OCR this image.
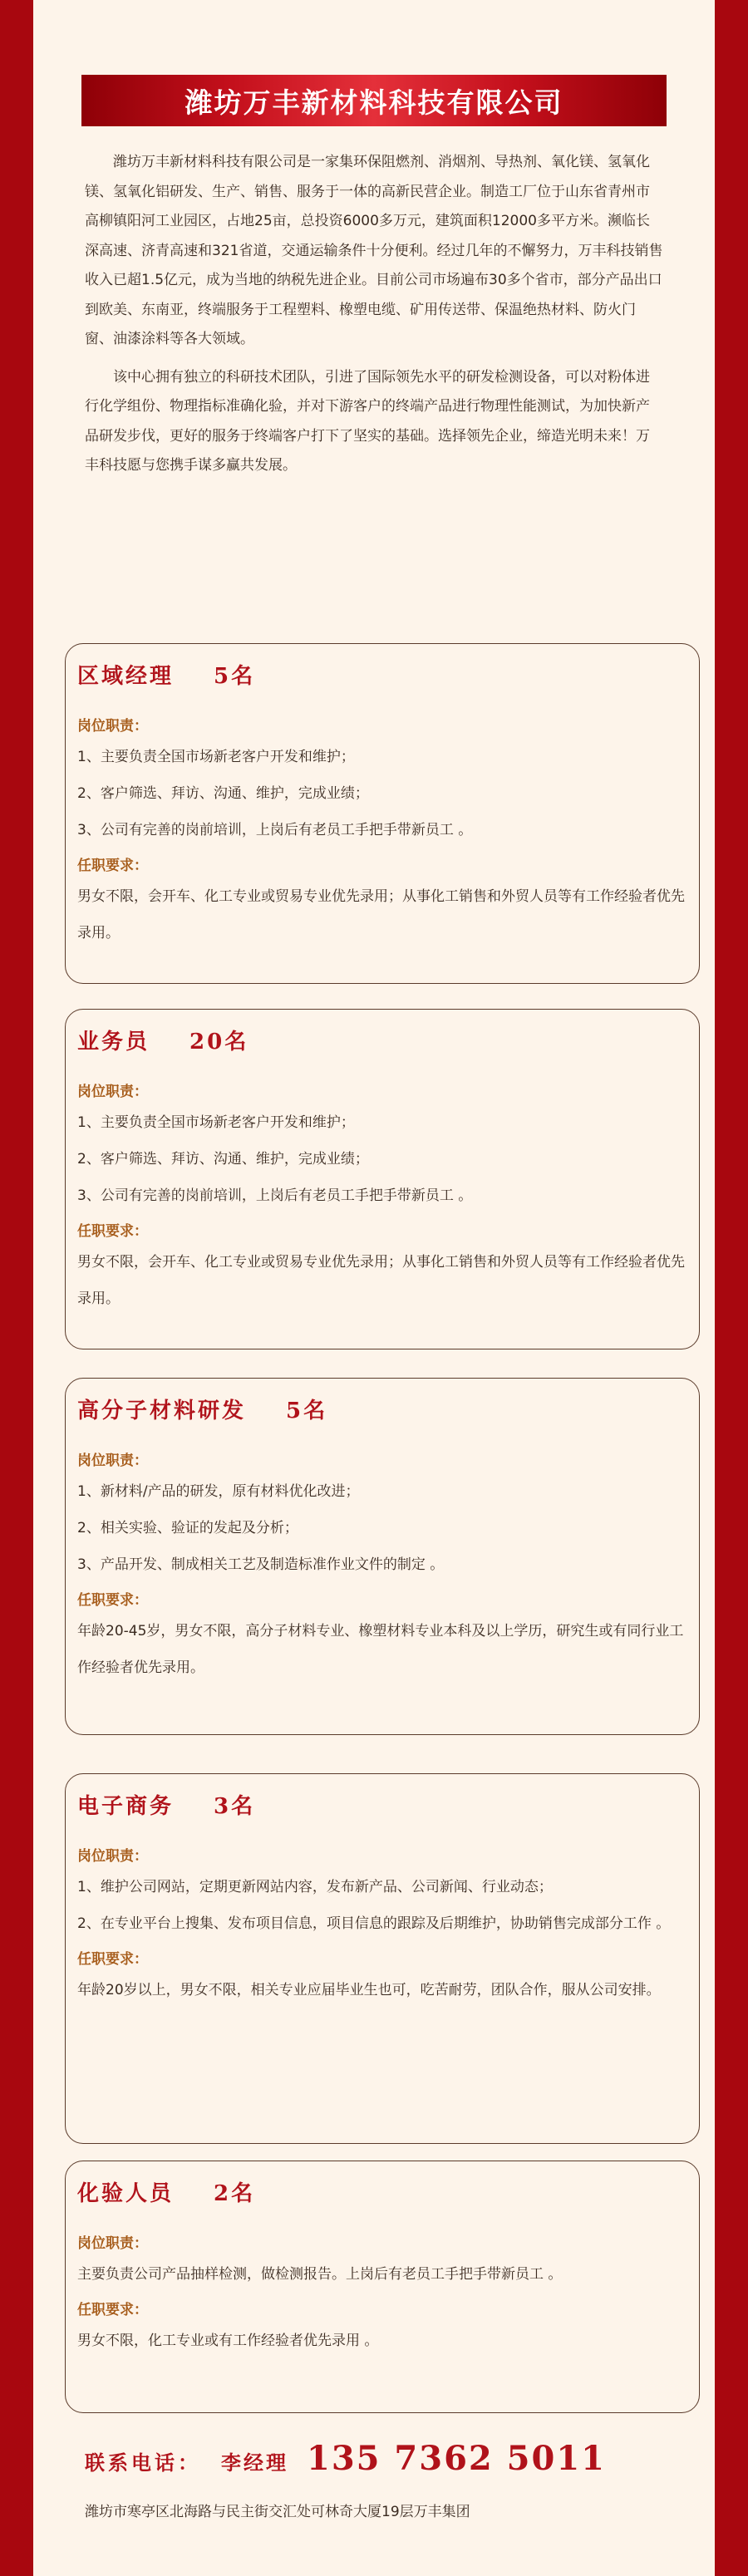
潍坊万丰新材料科技有限公司

潍坊万丰新材料科技有限公司是一家集环保阻燃剂、消烟剂、导热剂、氧化镁、氢氧化镁、氢氧化铝研发、生产、销售、服务于一体的高新民营企业。制造工厂位于山东省青州市高柳镇阳河工业园区，占地25亩，总投资6000多万元，建筑面积12000多平方米。濒临长深高速、济青高速和321省道，交通运输条件十分便利。经过几年的不懈努力，万丰科技销售收入已超1.5亿元，成为当地的纳税先进企业。目前公司市场遍布30多个省市，部分产品出口到欧美、东南亚，终端服务于工程塑料、橡塑电缆、矿用传送带、保温绝热材料、防火门窗、油漆涂料等各大领域。

该中心拥有独立的科研技术团队，引进了国际领先水平的研发检测设备，可以对粉体进行化学组份、物理指标准确化验，并对下游客户的终端产品进行物理性能测试，为加快新产品研发步伐，更好的服务于终端客户打下了坚实的基础。选择领先企业，缔造光明未来！万丰科技愿与您携手谋多赢共发展。

区域经理 5名
岗位职责：
1、主要负责全国市场新老客户开发和维护；
2、客户筛选、拜访、沟通、维护，完成业绩；
3、公司有完善的岗前培训，上岗后有老员工手把手带新员工 。
任职要求：
男女不限，会开车、化工专业或贸易专业优先录用；从事化工销售和外贸人员等有工作经验者优先录用。
业务员 20名
岗位职责：
1、主要负责全国市场新老客户开发和维护；
2、客户筛选、拜访、沟通、维护，完成业绩；
3、公司有完善的岗前培训，上岗后有老员工手把手带新员工 。
任职要求：
男女不限，会开车、化工专业或贸易专业优先录用；从事化工销售和外贸人员等有工作经验者优先录用。
高分子材料研发 5名
岗位职责：
1、新材料/产品的研发，原有材料优化改进；
2、相关实验、验证的发起及分析；
3、产品开发、制成相关工艺及制造标准作业文件的制定 。
任职要求：
年龄20-45岁，男女不限，高分子材料专业、橡塑材料专业本科及以上学历，研究生或有同行业工作经验者优先录用。
电子商务 3名
岗位职责：
1、维护公司网站，定期更新网站内容，发布新产品、公司新闻、行业动态；
2、在专业平台上搜集、发布项目信息，项目信息的跟踪及后期维护，协助销售完成部分工作 。
任职要求：
年龄20岁以上，男女不限，相关专业应届毕业生也可，吃苦耐劳，团队合作，服从公司安排。
化验人员 2名
岗位职责：
主要负责公司产品抽样检测，做检测报告。上岗后有老员工手把手带新员工 。
任职要求：
男女不限，化工专业或有工作经验者优先录用 。
联系电话： 李经理 135 7362 5011
潍坊市寒亭区北海路与民主街交汇处可林奇大厦19层万丰集团
